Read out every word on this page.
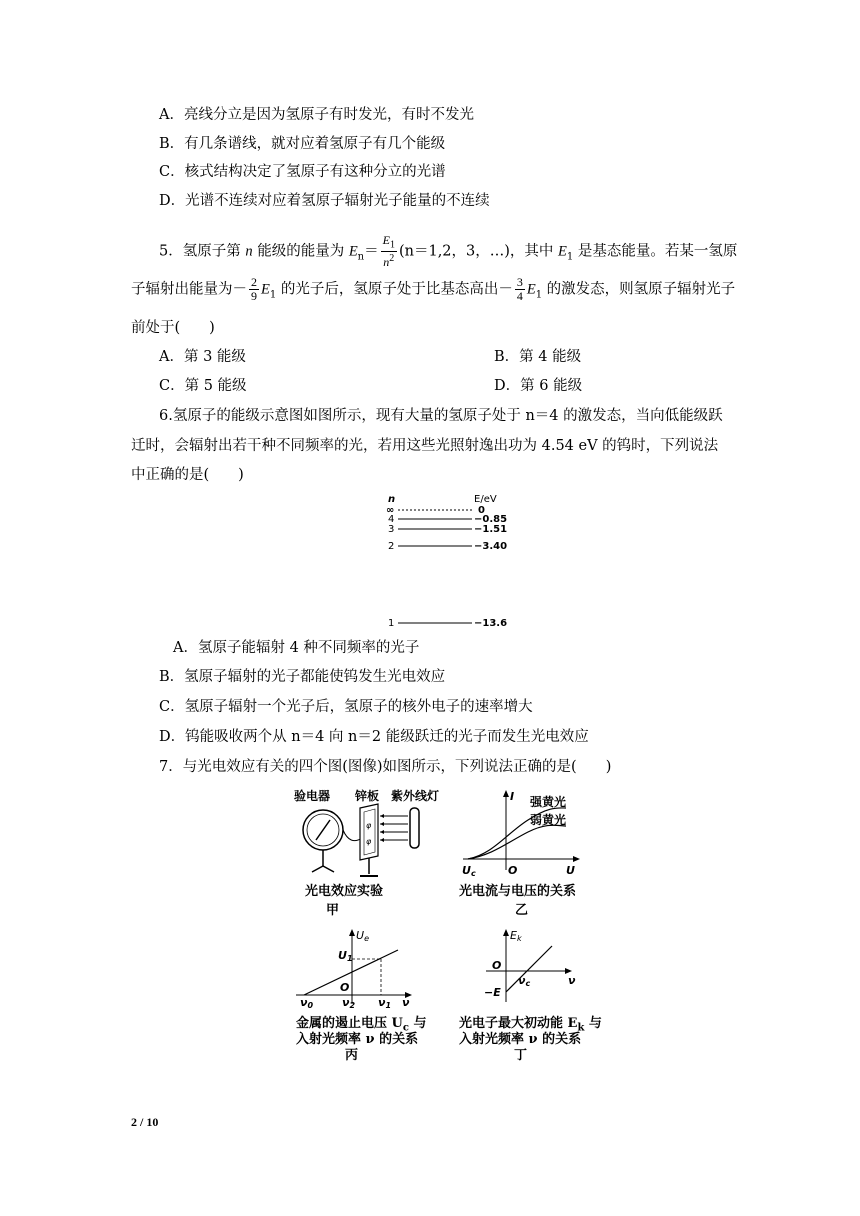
A．亮线分立是因为氢原子有时发光，有时不发光
B．有几条谱线，就对应着氢原子有几个能级
C．核式结构决定了氢原子有这种分立的光谱
D．光谱不连续对应着氢原子辐射光子能量的不连续
5．氢原子第 n 能级的能量为 $E_n= \frac{E_1}{n^2} (n=1,2$，3，…)，其中 $E_1$ 是基态能量。若某一氢原
子辐射出能量为－ $\frac{2}{9} E_1$ 的光子后，氢原子处于比基态高出－ $\frac{3}{4} E_1$ 的激发态，则氢原子辐射光子
前处于(　　)
A．第 3 能级	B．第 4 能级
C．第 5 能级	D．第 6 能级
6.氢原子的能级示意图如图所示，现有大量的氢原子处于 n＝4 的激发态，当向低能级跃
迁时，会辐射出若干种不同频率的光，若用这些光照射逸出功为 4.54 eV 的钨时，下列说法
中正确的是(　　)
n	E/eV
∞	0
4	−0.85
3	−1.51
2	−3.40
1	−13.6
A．氢原子能辐射 4 种不同频率的光子
B．氢原子辐射的光子都能使钨发生光电效应
C．氢原子辐射一个光子后，氢原子的核外电子的速率增大
D．钨能吸收两个从 n＝4 向 n＝2 能级跃迁的光子而发生光电效应
7．与光电效应有关的四个图(图像)如图所示，下列说法正确的是(　　)
验电器 锌板 紫外线灯
φ
φ
光电效应实验
甲
I
U
O
Uc
强黄光
弱黄光
光电流与电压的关系
乙
Ue
U1
O
ν0	ν2 ν1 ν
金属的遏止电压 $U_c$ 与
入射光频率 ν 的关系
丙
Ek
O
νc
−E
ν
光电子最大初动能 $E_k$ 与
入射光频率 ν 的关系
丁
2 / 10
